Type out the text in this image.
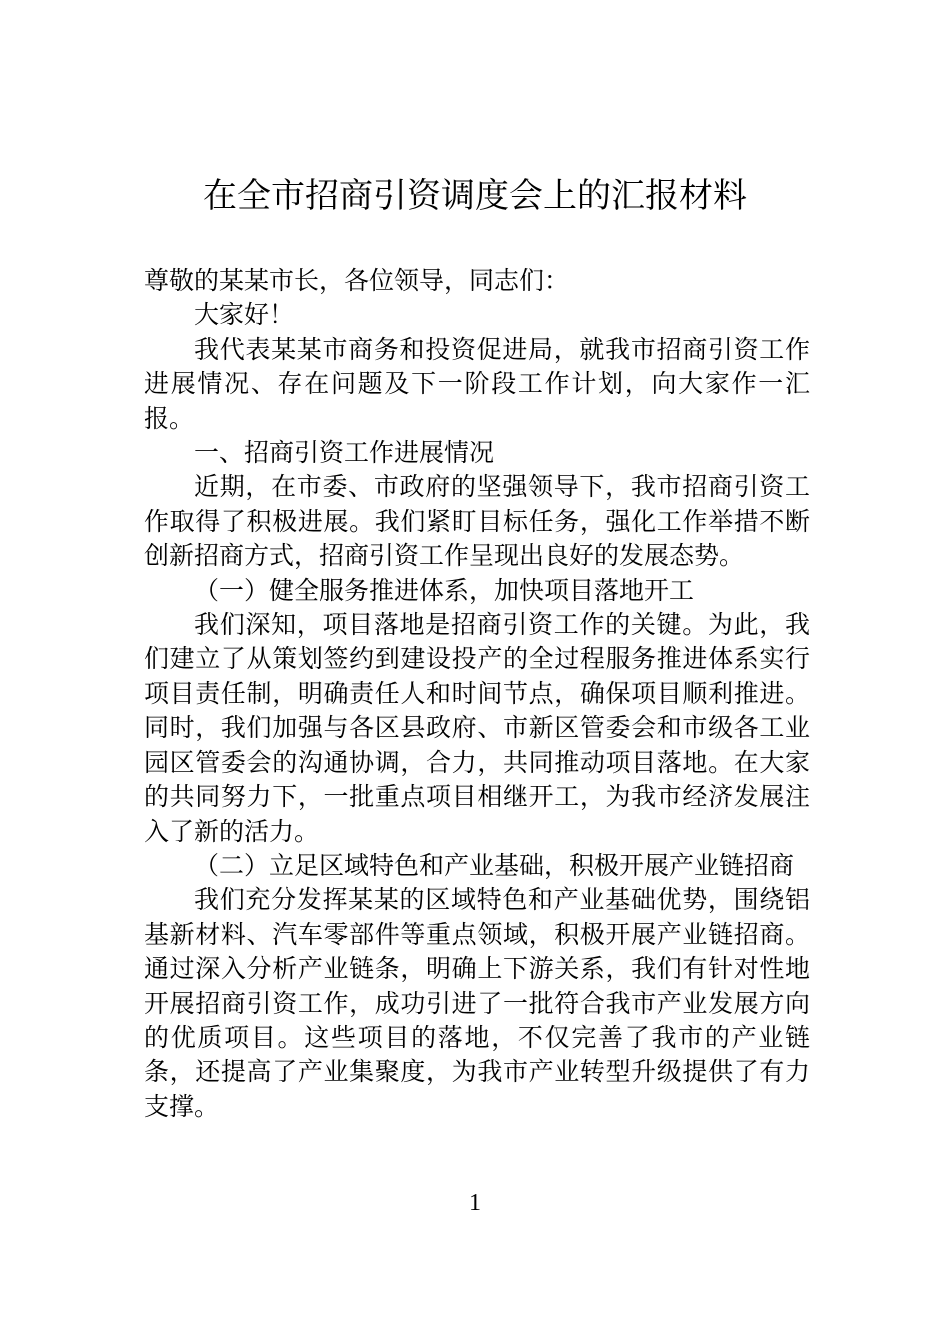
在全市招商引资调度会上的汇报材料

尊敬的某某市长，各位领导，同志们：

大家好！

我代表某某市商务和投资促进局，就我市招商引资工作进展情况、存在问题及下一阶段工作计划，向大家作一汇报。

一、招商引资工作进展情况

近期，在市委、市政府的坚强领导下，我市招商引资工作取得了积极进展。我们紧盯目标任务，强化工作举措不断创新招商方式，招商引资工作呈现出良好的发展态势。

（一）健全服务推进体系，加快项目落地开工

我们深知，项目落地是招商引资工作的关键。为此，我们建立了从策划签约到建设投产的全过程服务推进体系实行项目责任制，明确责任人和时间节点，确保项目顺利推进。同时，我们加强与各区县政府、市新区管委会和市级各工业园区管委会的沟通协调，合力，共同推动项目落地。在大家的共同努力下，一批重点项目相继开工，为我市经济发展注入了新的活力。

（二）立足区域特色和产业基础，积极开展产业链招商

我们充分发挥某某的区域特色和产业基础优势，围绕铝基新材料、汽车零部件等重点领域，积极开展产业链招商。通过深入分析产业链条，明确上下游关系，我们有针对性地开展招商引资工作，成功引进了一批符合我市产业发展方向的优质项目。这些项目的落地，不仅完善了我市的产业链条，还提高了产业集聚度，为我市产业转型升级提供了有力支撑。

1
